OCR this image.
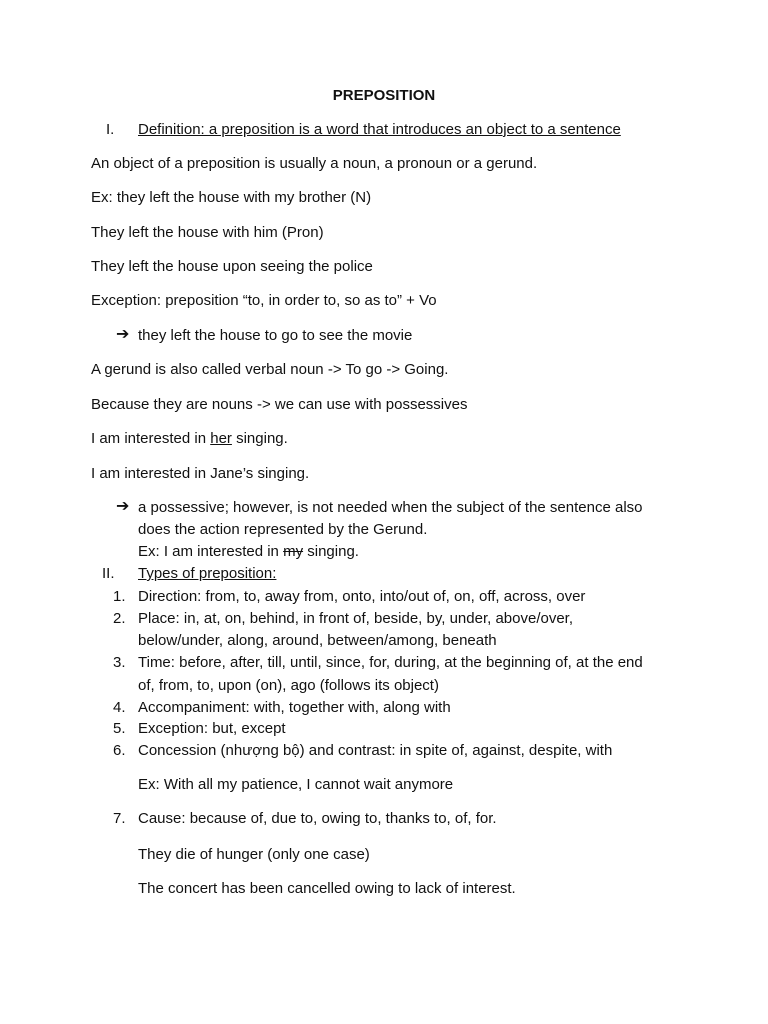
PREPOSITION
I. Definition: a preposition is a word that introduces an object to a sentence
An object of a preposition is usually a noun, a pronoun or a gerund.
Ex: they left the house with my brother (N)
They left the house with him (Pron)
They left the house upon seeing the police
Exception: preposition “to, in order to, so as to” + Vo
➔ they left the house to go to see the movie
A gerund is also called verbal noun -> To go -> Going.
Because they are nouns -> we can use with possessives
I am interested in her singing.
I am interested in Jane’s singing.
➔ a possessive; however, is not needed when the subject of the sentence also
does the action represented by the Gerund.
Ex: I am interested in my singing.
II. Types of preposition:
1. Direction: from, to, away from, onto, into/out of, on, off, across, over
2. Place: in, at, on, behind, in front of, beside, by, under, above/over,
below/under, along, around, between/among, beneath
3. Time: before, after, till, until, since, for, during, at the beginning of, at the end
of, from, to, upon (on), ago (follows its object)
4. Accompaniment: with, together with, along with
5. Exception: but, except
6. Concession (nhượng bộ) and contrast: in spite of, against, despite, with
Ex: With all my patience, I cannot wait anymore
7. Cause: because of, due to, owing to, thanks to, of, for.
They die of hunger (only one case)
The concert has been cancelled owing to lack of interest.
